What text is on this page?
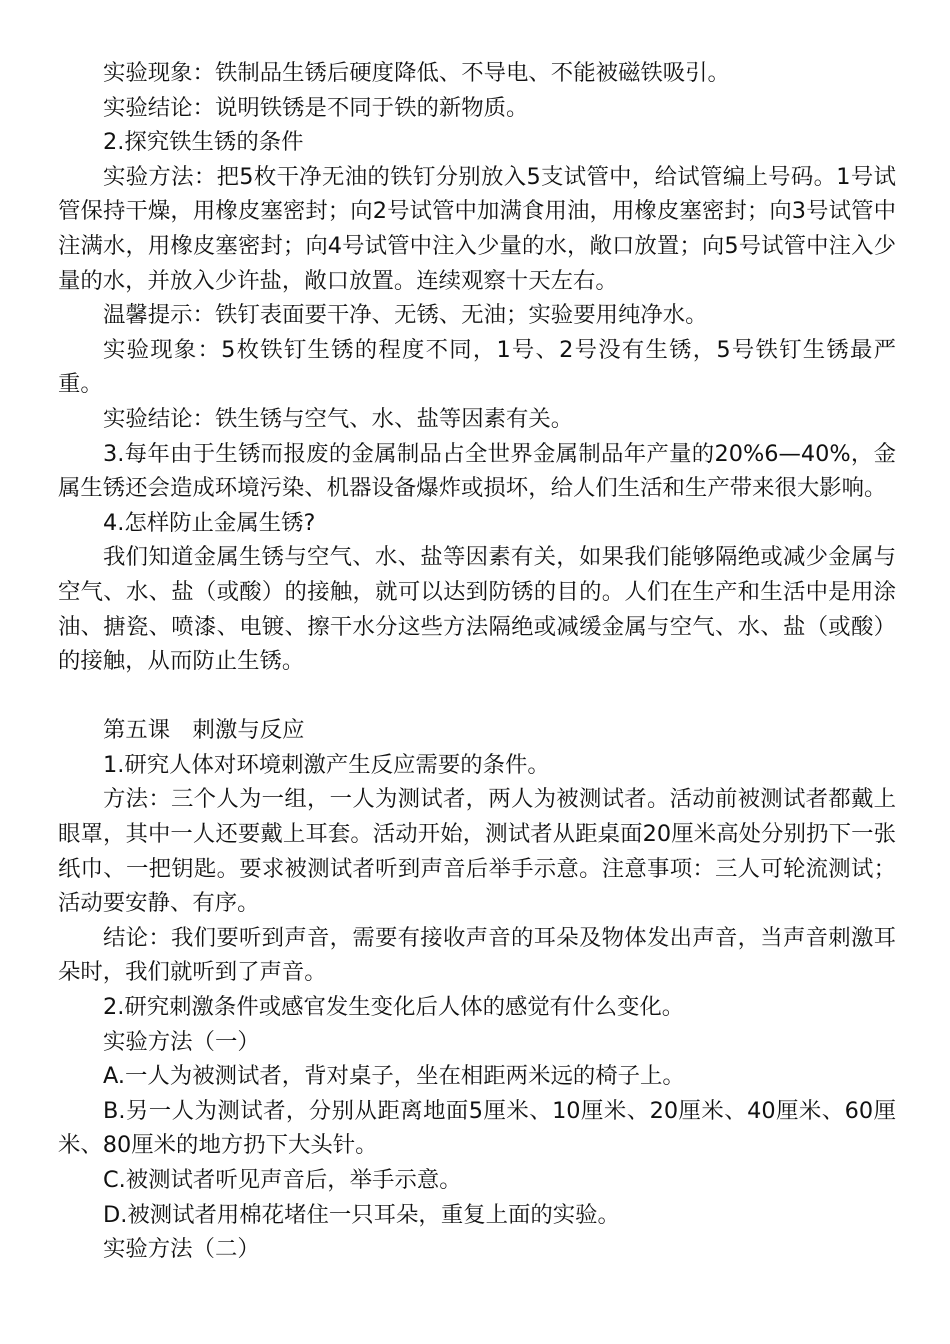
实验现象：铁制品生锈后硬度降低、不导电、不能被磁铁吸引。

实验结论：说明铁锈是不同于铁的新物质。

2.探究铁生锈的条件

实验方法：把5枚干净无油的铁钉分别放入5支试管中，给试管编上号码。1号试管保持干燥，用橡皮塞密封；向2号试管中加满食用油，用橡皮塞密封；向3号试管中注满水，用橡皮塞密封；向4号试管中注入少量的水，敞口放置；向5号试管中注入少量的水，并放入少许盐，敞口放置。连续观察十天左右。

温馨提示：铁钉表面要干净、无锈、无油；实验要用纯净水。

实验现象：5枚铁钉生锈的程度不同，1号、2号没有生锈，5号铁钉生锈最严重。

实验结论：铁生锈与空气、水、盐等因素有关。

3.每年由于生锈而报废的金属制品占全世界金属制品年产量的20%6—40%，金属生锈还会造成环境污染、机器设备爆炸或损坏，给人们生活和生产带来很大影响。

4.怎样防止金属生锈?

我们知道金属生锈与空气、水、盐等因素有关，如果我们能够隔绝或减少金属与空气、水、盐（或酸）的接触，就可以达到防锈的目的。人们在生产和生活中是用涂油、搪瓷、喷漆、电镀、擦干水分这些方法隔绝或减缓金属与空气、水、盐（或酸）的接触，从而防止生锈。

第五课　刺激与反应

1.研究人体对环境刺激产生反应需要的条件。

方法：三个人为一组，一人为测试者，两人为被测试者。活动前被测试者都戴上眼罩，其中一人还要戴上耳套。活动开始，测试者从距桌面20厘米高处分别扔下一张纸巾、一把钥匙。要求被测试者听到声音后举手示意。注意事项：三人可轮流测试；活动要安静、有序。

结论：我们要听到声音，需要有接收声音的耳朵及物体发出声音，当声音刺激耳朵时，我们就听到了声音。

2.研究刺激条件或感官发生变化后人体的感觉有什么变化。

实验方法（一）

A.一人为被测试者，背对桌子，坐在相距两米远的椅子上。

B.另一人为测试者，分别从距离地面5厘米、10厘米、20厘米、40厘米、60厘米、80厘米的地方扔下大头针。

C.被测试者听见声音后，举手示意。

D.被测试者用棉花堵住一只耳朵，重复上面的实验。

实验方法（二）
